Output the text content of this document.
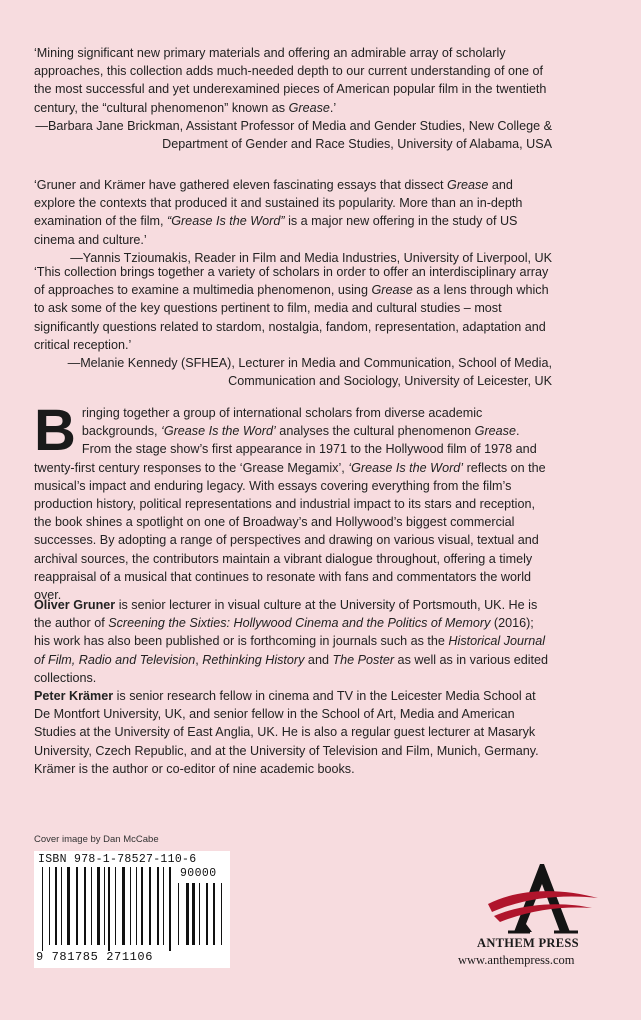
‘Mining significant new primary materials and offering an admirable array of scholarly approaches, this collection adds much-needed depth to our current understanding of one of the most successful and yet underexamined pieces of American popular film in the twentieth century, the “cultural phenomenon” known as Grease.’

—Barbara Jane Brickman, Assistant Professor of Media and Gender Studies, New College &

Department of Gender and Race Studies, University of Alabama, USA

‘Gruner and Krämer have gathered eleven fascinating essays that dissect Grease and explore the contexts that produced it and sustained its popularity. More than an in-depth examination of the film, “Grease Is the Word” is a major new offering in the study of US cinema and culture.’

—Yannis Tzioumakis, Reader in Film and Media Industries, University of Liverpool, UK

‘This collection brings together a variety of scholars in order to offer an interdisciplinary array of approaches to examine a multimedia phenomenon, using Grease as a lens through which to ask some of the key questions pertinent to film, media and cultural studies – most significantly questions related to stardom, nostalgia, fandom, representation, adaptation and critical reception.’

—Melanie Kennedy (SFHEA), Lecturer in Media and Communication, School of Media,

Communication and Sociology, University of Leicester, UK

B ringing together a group of international scholars from diverse academic backgrounds, ‘Grease Is the Word’ analyses the cultural phenomenon Grease. From the stage show’s first appearance in 1971 to the Hollywood film of 1978 and twenty-first century responses to the ‘Grease Megamix’, ‘Grease Is the Word’ reflects on the musical’s impact and enduring legacy. With essays covering everything from the film’s production history, political representations and industrial impact to its stars and reception, the book shines a spotlight on one of Broadway’s and Hollywood’s biggest commercial successes. By adopting a range of perspectives and drawing on various visual, textual and archival sources, the contributors maintain a vibrant dialogue throughout, offering a timely reappraisal of a musical that continues to resonate with fans and commentators the world over.

Oliver Gruner is senior lecturer in visual culture at the University of Portsmouth, UK. He is the author of Screening the Sixties: Hollywood Cinema and the Politics of Memory (2016); his work has also been published or is forthcoming in journals such as the Historical Journal of Film, Radio and Television, Rethinking History and The Poster as well as in various edited collections.

Peter Krämer is senior research fellow in cinema and TV in the Leicester Media School at De Montfort University, UK, and senior fellow in the School of Art, Media and American Studies at the University of East Anglia, UK. He is also a regular guest lecturer at Masaryk University, Czech Republic, and at the University of Television and Film, Munich, Germany. Krämer is the author or co-editor of nine academic books.

Cover image by Dan McCabe
ISBN 978-1-78527-110-6
90000
9 781785 271106
ANTHEM PRESS
www.anthempress.com
